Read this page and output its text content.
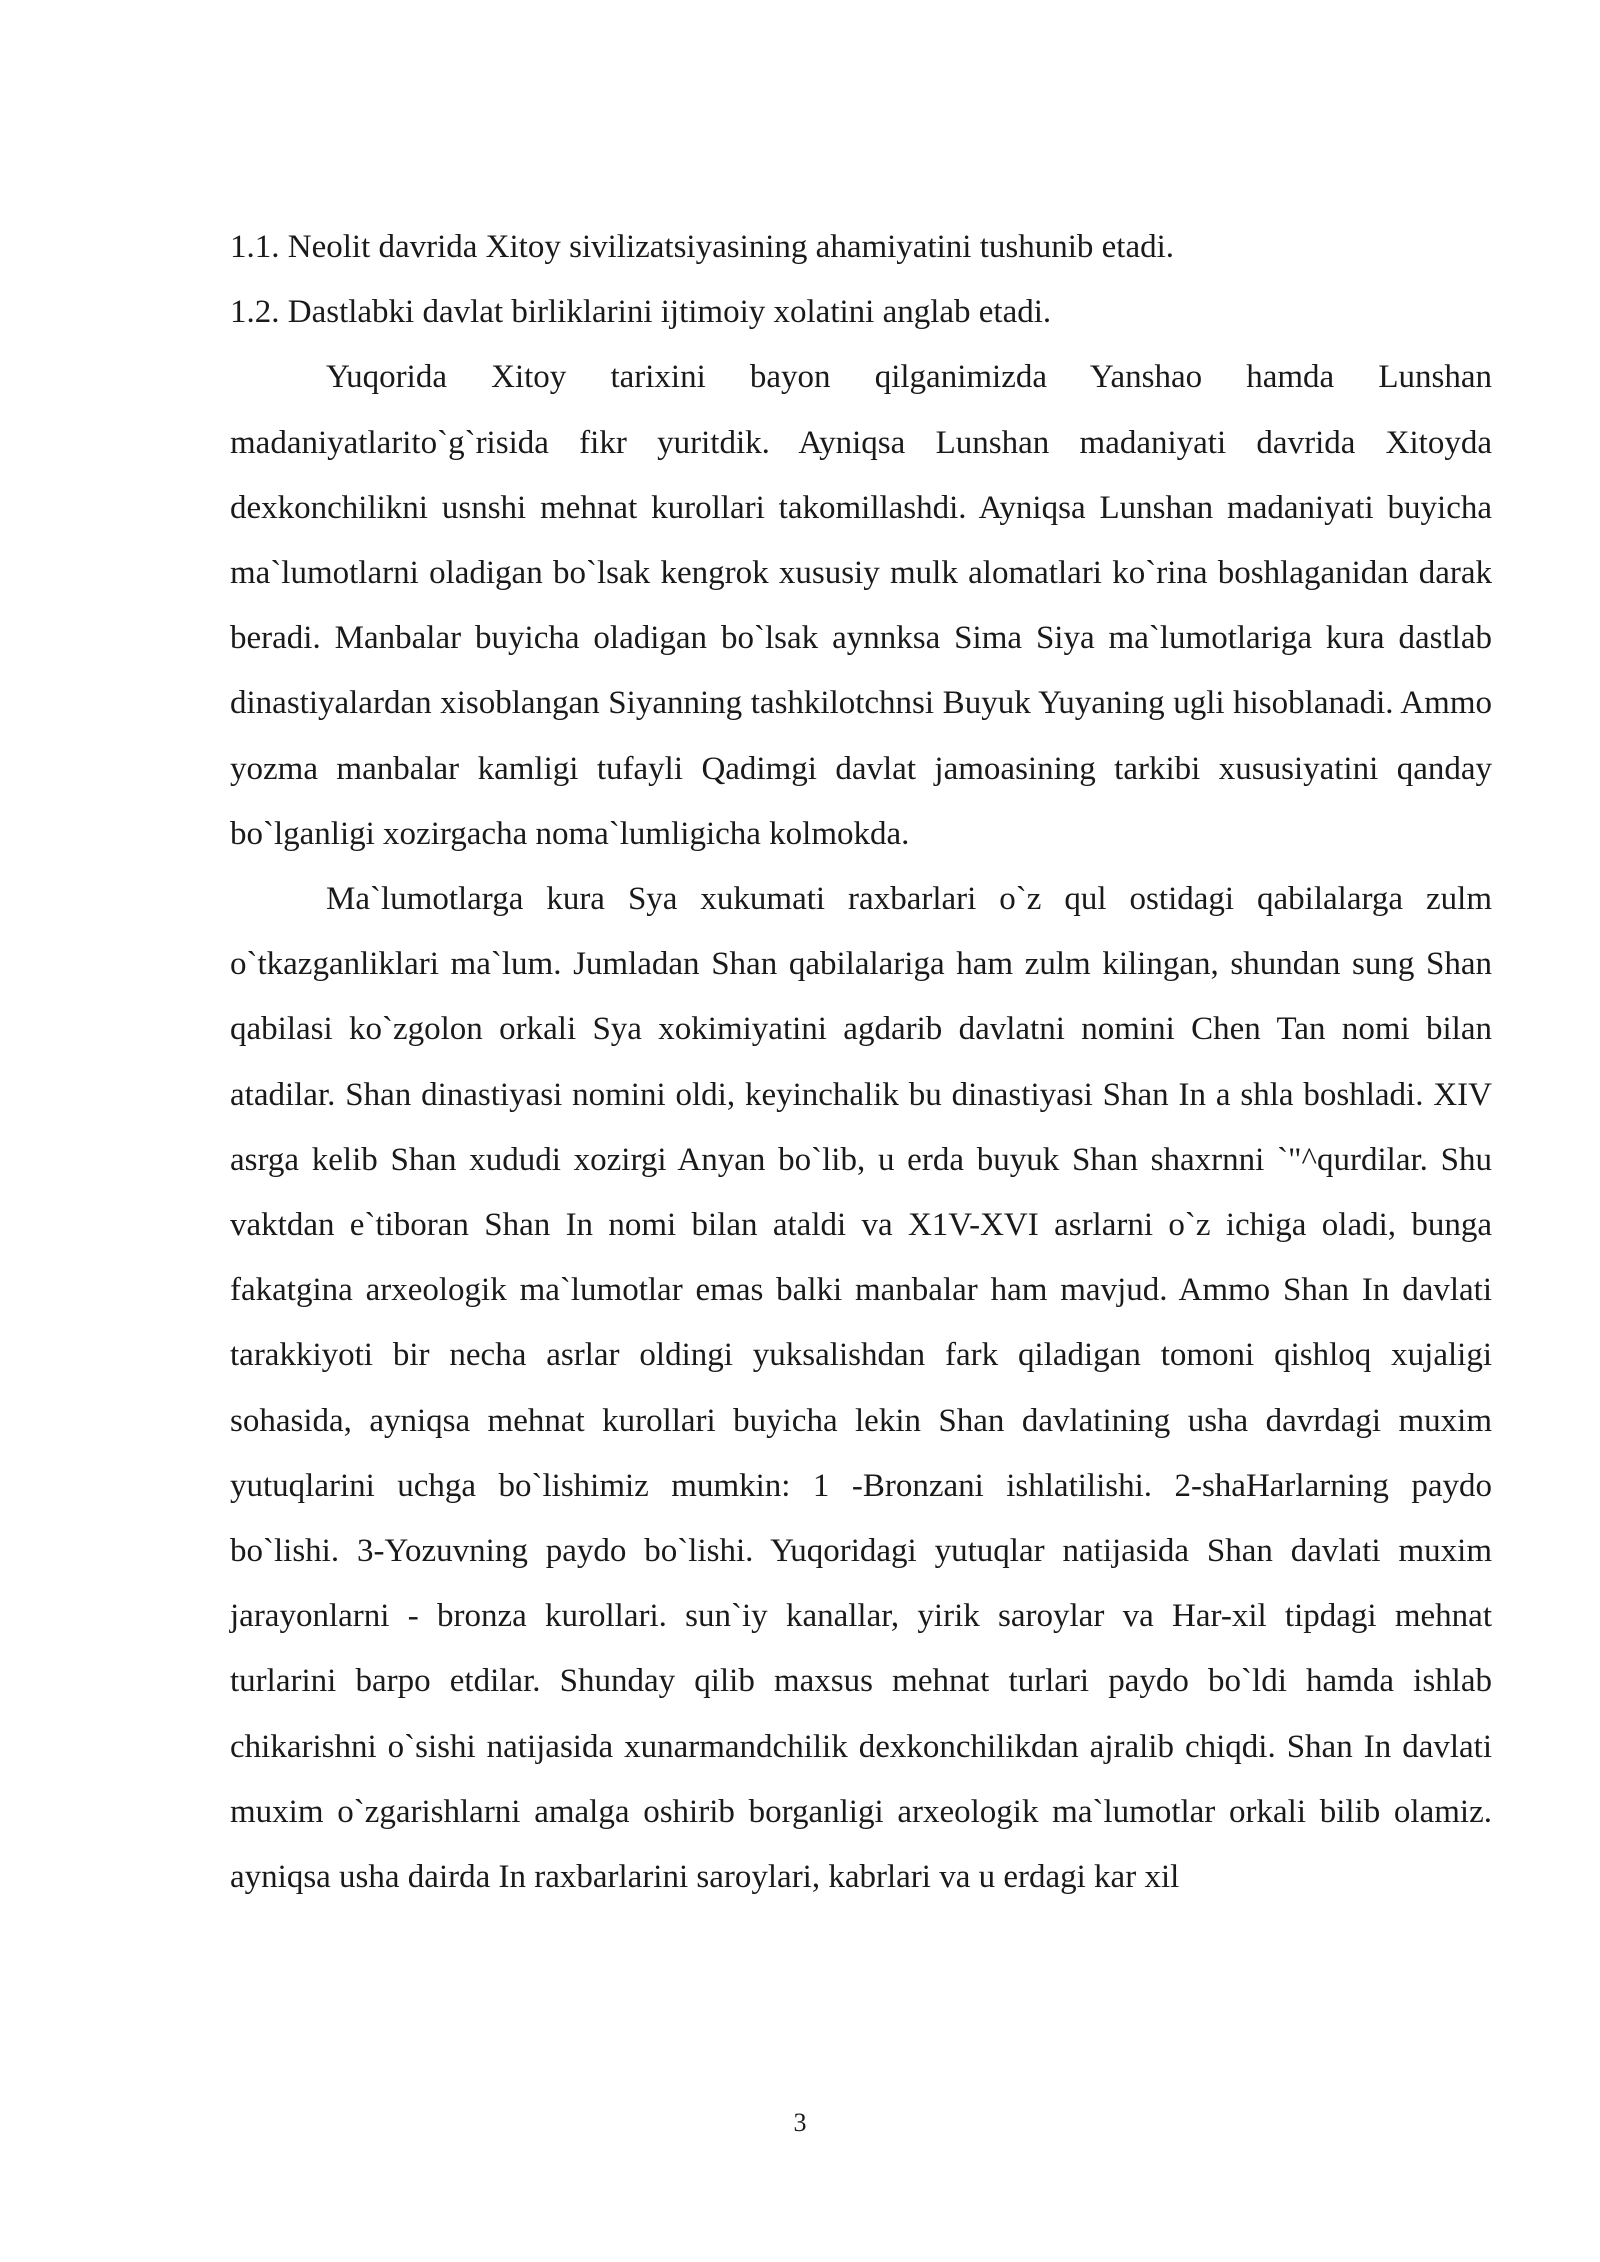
1.1. Neolit davrida Xitoy sivilizatsiyasining ahamiyatini tushunib etadi.

1.2. Dastlabki davlat birliklarini ijtimoiy xolatini anglab etadi.

Yuqorida Xitoy tarixini bayon qilganimizda Yanshao hamda Lunshan madaniyatlarito`g`risida fikr yuritdik. Ayniqsa Lunshan madaniyati davrida Xitoyda dexkonchilikni usnshi mehnat kurollari takomillashdi. Ayniqsa Lunshan madaniyati buyicha ma`lumotlarni oladigan bo`lsak kengrok xususiy mulk alomatlari ko`rina boshlaganidan darak beradi. Manbalar buyicha oladigan bo`lsak aynnksa Sima Siya ma`lumotlariga kura dastlab dinastiyalardan xisoblangan Siyanning tashkilotchnsi Buyuk Yuyaning ugli hisoblanadi. Ammo yozma manbalar kamligi tufayli Qadimgi davlat jamoasining tarkibi xususiyatini qanday bo`lganligi xozirgacha noma`lumligicha kolmokda.

Ma`lumotlarga kura Sya xukumati raxbarlari o`z qul ostidagi qabilalarga zulm o`tkazganliklari ma`lum. Jumladan Shan qabilalariga ham zulm kilingan, shundan sung Shan qabilasi ko`zgolon orkali Sya xokimiyatini agdarib davlatni nomini Chen Tan nomi bilan atadilar. Shan dinastiyasi nomini oldi, keyinchalik bu dinastiyasi Shan In a shla boshladi. XIV asrga kelib Shan xududi xozirgi Anyan bo`lib, u erda buyuk Shan shaxrnni `"^qurdilar. Shu vaktdan e`tiboran Shan In nomi bilan ataldi va X1V-XVI asrlarni o`z ichiga oladi, bunga fakatgina arxeologik ma`lumotlar emas balki manbalar ham mavjud. Ammo Shan In davlati tarakkiyoti bir necha asrlar oldingi yuksalishdan fark qiladigan tomoni qishloq xujaligi sohasida, ayniqsa mehnat kurollari buyicha lekin Shan davlatining usha davrdagi muxim yutuqlarini uchga bo`lishimiz mumkin: 1 -Bronzani ishlatilishi. 2-shaHarlarning paydo bo`lishi. 3-Yozuvning paydo bo`lishi. Yuqoridagi yutuqlar natijasida Shan davlati muxim jarayonlarni - bronza kurollari. sun`iy kanallar, yirik saroylar va Har-xil tipdagi mehnat turlarini barpo etdilar. Shunday qilib maxsus mehnat turlari paydo bo`ldi hamda ishlab chikarishni o`sishi natijasida xunarmandchilik dexkonchilikdan ajralib chiqdi. Shan In davlati muxim o`zgarishlarni amalga oshirib borganligi arxeologik ma`lumotlar orkali bilib olamiz. ayniqsa usha dairda In raxbarlarini saroylari, kabrlari va u erdagi kar xil

3
